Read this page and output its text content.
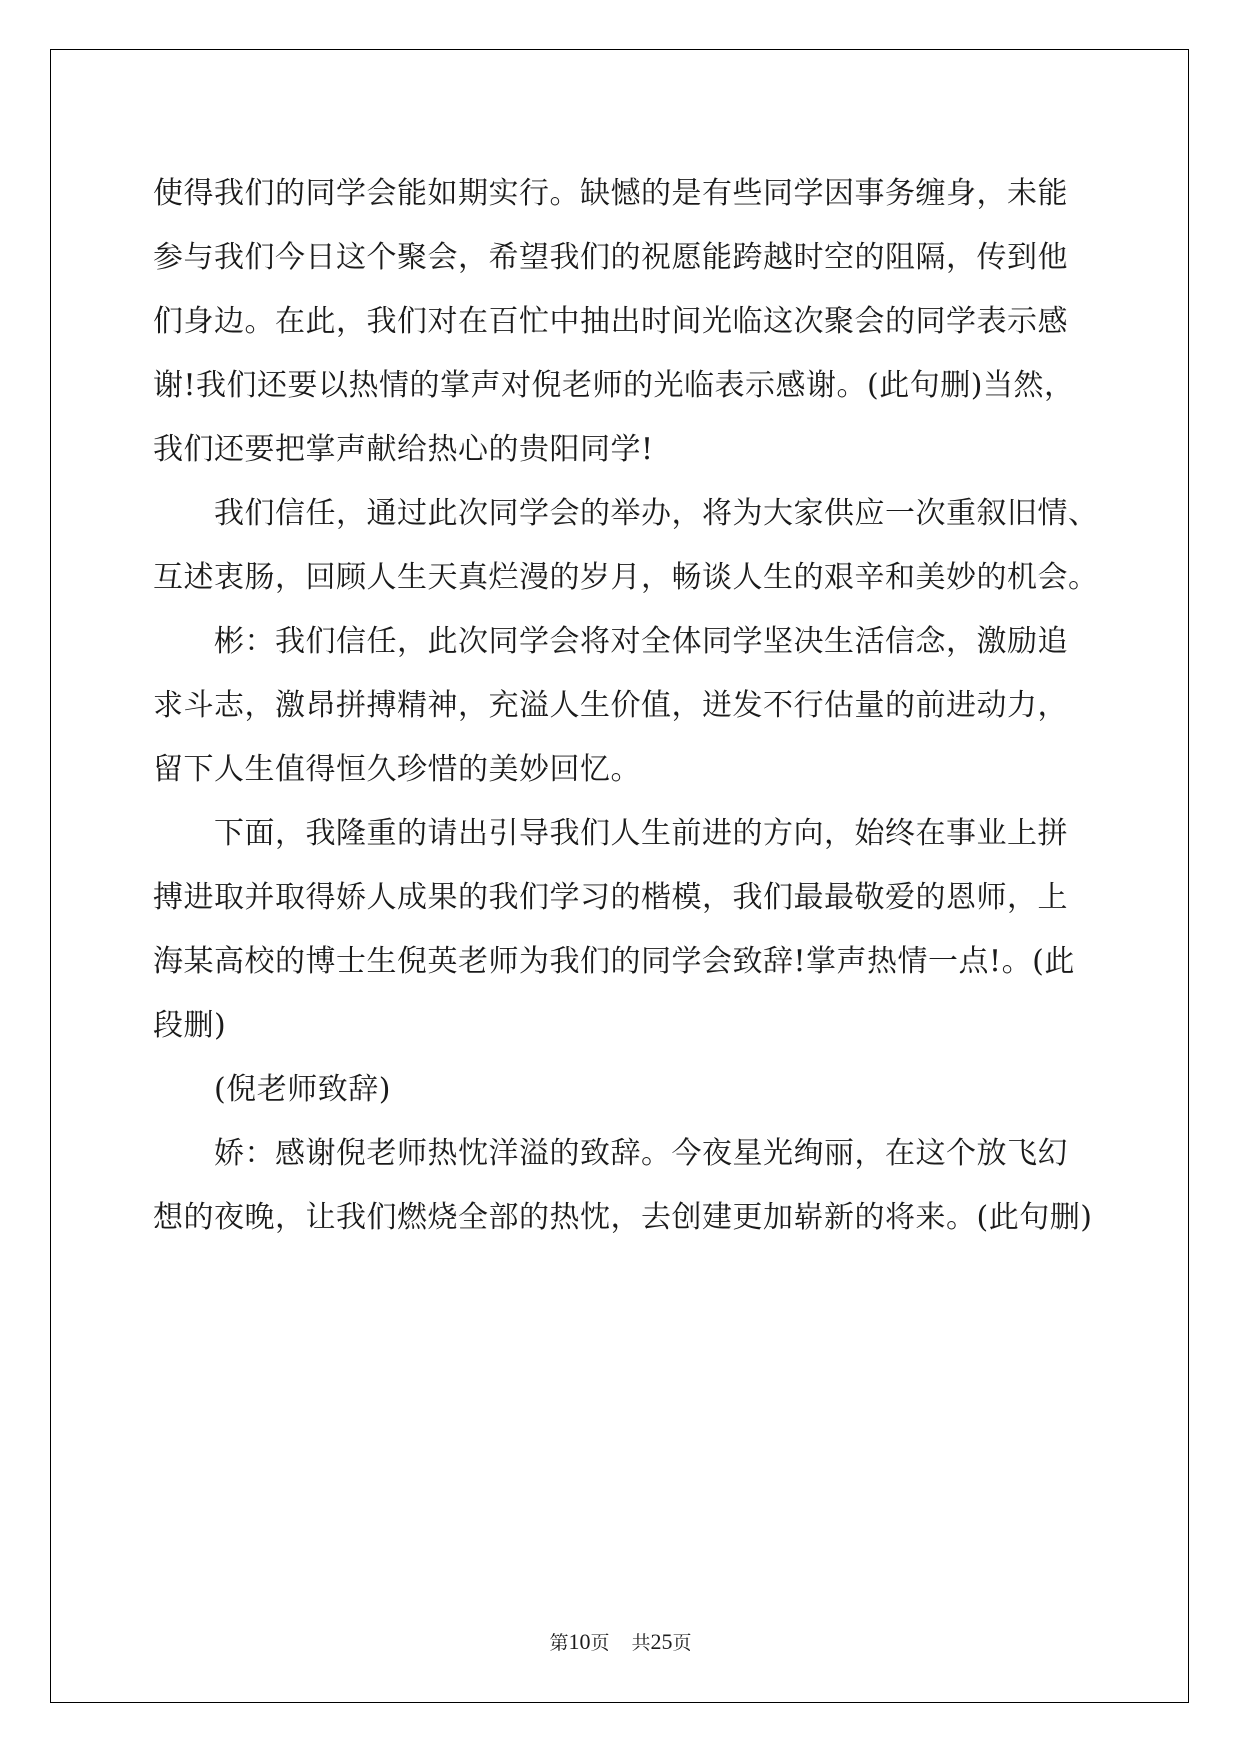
使得我们的同学会能如期实行。缺憾的是有些同学因事务缠身，未能
参与我们今日这个聚会，希望我们的祝愿能跨越时空的阻隔，传到他
们身边。在此，我们对在百忙中抽出时间光临这次聚会的同学表示感
谢!我们还要以热情的掌声对倪老师的光临表示感谢。(此句删)当然，
我们还要把掌声献给热心的贵阳同学!
我们信任，通过此次同学会的举办，将为大家供应一次重叙旧情、
互述衷肠，回顾人生天真烂漫的岁月，畅谈人生的艰辛和美妙的机会。
彬：我们信任，此次同学会将对全体同学坚决生活信念，激励追
求斗志，激昂拼搏精神，充溢人生价值，迸发不行估量的前进动力，
留下人生值得恒久珍惜的美妙回忆。
下面，我隆重的请出引导我们人生前进的方向，始终在事业上拼
搏进取并取得娇人成果的我们学习的楷模，我们最最敬爱的恩师，上
海某高校的博士生倪英老师为我们的同学会致辞!掌声热情一点!。(此
段删)
(倪老师致辞)
娇：感谢倪老师热忱洋溢的致辞。今夜星光绚丽，在这个放飞幻
想的夜晚，让我们燃烧全部的热忱，去创建更加崭新的将来。(此句删)
第10页 共25页
